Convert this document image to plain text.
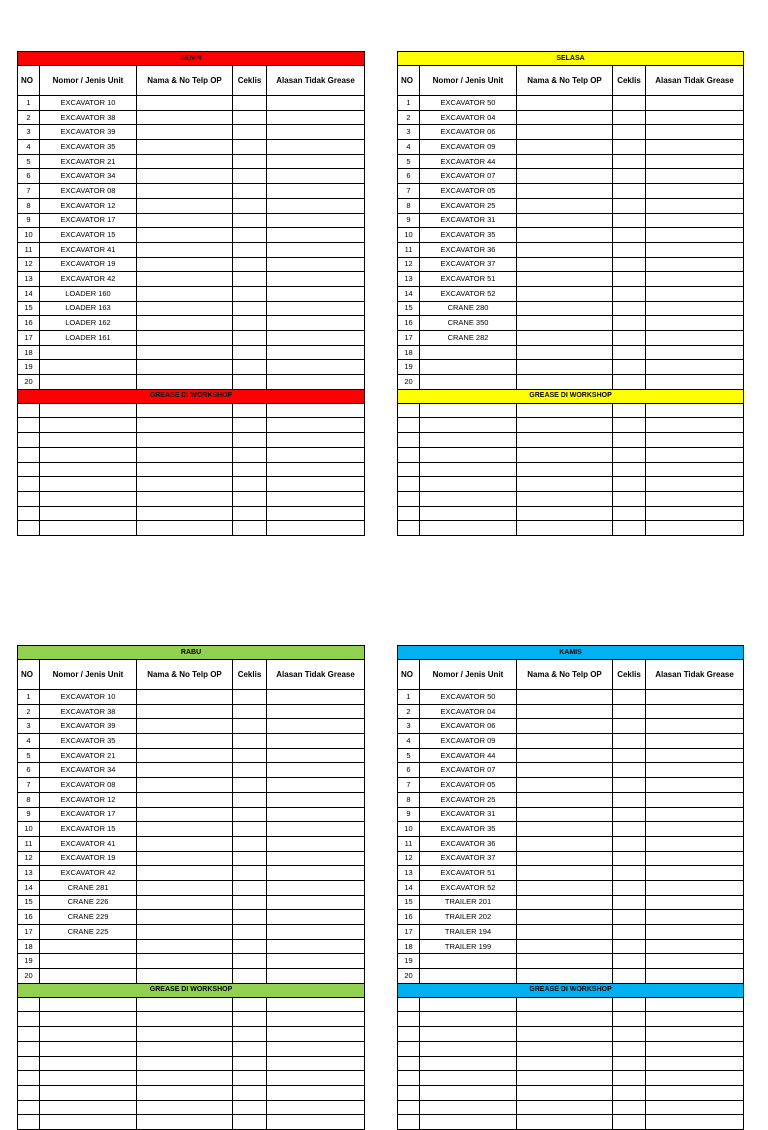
SENIN				
NO	Nomor / Jenis Unit	Nama & No Telp OP	Ceklis	Alasan Tidak Grease
1	EXCAVATOR 10			
2	EXCAVATOR 38			
3	EXCAVATOR 39			
4	EXCAVATOR 35			
5	EXCAVATOR 21			
6	EXCAVATOR 34			
7	EXCAVATOR 08			
8	EXCAVATOR 12			
9	EXCAVATOR 17			
10	EXCAVATOR 15			
11	EXCAVATOR 41			
12	EXCAVATOR 19			
13	EXCAVATOR 42			
14	LOADER 160			
15	LOADER 163			
16	LOADER 162			
17	LOADER 161			
18				
19				
20				
GREASE DI WORKSHOP				

SELASA				
NO	Nomor / Jenis Unit	Nama & No Telp OP	Ceklis	Alasan Tidak Grease
1	EXCAVATOR 50			
2	EXCAVATOR 04			
3	EXCAVATOR 06			
4	EXCAVATOR 09			
5	EXCAVATOR 44			
6	EXCAVATOR 07			
7	EXCAVATOR 05			
8	EXCAVATOR 25			
9	EXCAVATOR 31			
10	EXCAVATOR 35			
11	EXCAVATOR 36			
12	EXCAVATOR 37			
13	EXCAVATOR 51			
14	EXCAVATOR 52			
15	CRANE 280			
16	CRANE 350			
17	CRANE 282			
18				
19				
20				
GREASE DI WORKSHOP				

RABU				
NO	Nomor / Jenis Unit	Nama & No Telp OP	Ceklis	Alasan Tidak Grease
1	EXCAVATOR 10			
2	EXCAVATOR 38			
3	EXCAVATOR 39			
4	EXCAVATOR 35			
5	EXCAVATOR 21			
6	EXCAVATOR 34			
7	EXCAVATOR 08			
8	EXCAVATOR 12			
9	EXCAVATOR 17			
10	EXCAVATOR 15			
11	EXCAVATOR 41			
12	EXCAVATOR 19			
13	EXCAVATOR 42			
14	CRANE 281			
15	CRANE 226			
16	CRANE 229			
17	CRANE 225			
18				
19				
20				
GREASE DI WORKSHOP				

KAMIS				
NO	Nomor / Jenis Unit	Nama & No Telp OP	Ceklis	Alasan Tidak Grease
1	EXCAVATOR 50			
2	EXCAVATOR 04			
3	EXCAVATOR 06			
4	EXCAVATOR 09			
5	EXCAVATOR 44			
6	EXCAVATOR 07			
7	EXCAVATOR 05			
8	EXCAVATOR 25			
9	EXCAVATOR 31			
10	EXCAVATOR 35			
11	EXCAVATOR 36			
12	EXCAVATOR 37			
13	EXCAVATOR 51			
14	EXCAVATOR 52			
15	TRAILER 201			
16	TRAILER 202			
17	TRAILER 194			
18	TRAILER 199			
19				
20				
GREASE DI WORKSHOP				
